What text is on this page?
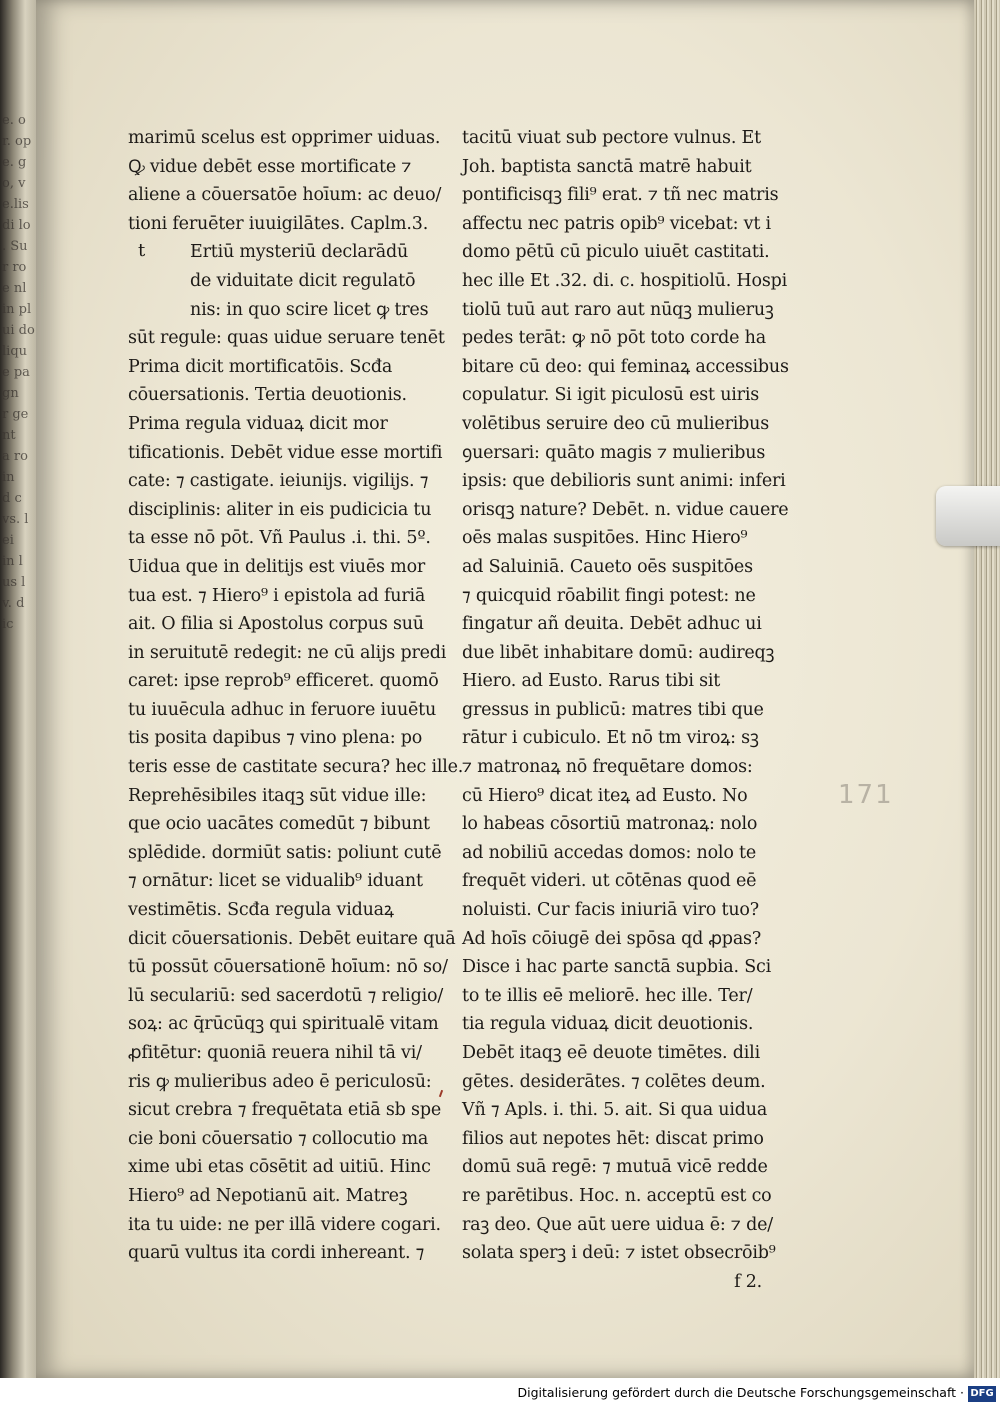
e. o
r. op
e. g
o, v
e.lis
di lo
. Su
r ro
e nl
in pl
ui do
liqu
e pa
gn
r ge
nt
a ro
in
d c
vs. l
ei
in l
us l
v. d
ic
marimū scelus est opprimer uiduas.
Ꝙ vidue debēt esse mortificate ⁊
aliene a cōuersatōe hoīum: ac deuo/
tioni feruēter iuuigilātes. Caplm.3.
Ertiū mysteriū declarādū
de viduitate dicit regulatō
nis: in quo scire licet ꝙ tres
sūt regule: quas uidue seruare tenēt
Prima dicit mortificatōis. Scđa
cōuersationis. Tertia deuotionis.
Prima regula viduaꝝ dicit mor
tificationis. Debēt vidue esse mortifi
cate: ⁊ castigate. ieiunijs. vigilijs. ⁊
disciplinis: aliter in eis pudicicia tu
ta esse nō pōt. Vñ Paulus .i. thi. 5º.
Uidua que in delitijs est viuēs mor
tua est. ⁊ Hiero⁹ i epistola ad furiā
ait. O filia si Apostolus corpus suū
in seruitutē redegit: ne cū alijs predi
caret: ipse reprob⁹ efficeret. quomō
tu iuuēcula adhuc in feruore iuuētu
tis posita dapibus ⁊ vino plena: po
teris esse de castitate secura? hec ille.
Reprehēsibiles itaqꝫ sūt vidue ille:
que ocio uacātes comedūt ⁊ bibunt
splēdide. dormiūt satis: poliunt cutē
⁊ ornātur: licet se vidualib⁹ iduant
vestimētis. Scđa regula viduaꝝ
dicit cōuersationis. Debēt euitare quā
tū possūt cōuersationē hoīum: nō so/
lū seculariū: sed sacerdotū ⁊ religio/
soꝝ: ac q̄rūcūqꝫ qui spiritualē vitam
ꝓfitētur: quoniā reuera nihil tā vi/
ris ꝙ mulieribus adeo ē periculosū:
sicut crebra ⁊ frequētata etiā sb spe
cie boni cōuersatio ⁊ collocutio ma
xime ubi etas cōsētit ad uitiū. Hinc
Hiero⁹ ad Nepotianū ait. Matreꝫ
ita tu uide: ne per illā videre cogari.
quarū vultus ita cordi inhereant. ⁊
t
tacitū viuat sub pectore vulnus. Et
Joh. baptista sanctā matrē habuit
pontificisqꝫ fili⁹ erat. ⁊ tñ nec matris
affectu nec patris opib⁹ vicebat: vt i
domo pētū cū piculo uiuēt castitati.
hec ille Et .32. di. c. hospitiolū. Hospi
tiolū tuū aut raro aut nūqꝫ mulieruꝫ
pedes terāt: ꝙ nō pōt toto corde ha
bitare cū deo: qui feminaꝝ accessibus
copulatur. Si igit piculosū est uiris
volētibus seruire deo cū mulieribus
ꝯuersari: quāto magis ⁊ mulieribus
ipsis: que debilioris sunt animi: inferi
orisqꝫ nature? Debēt. n. vidue cauere
oēs malas suspitōes. Hinc Hiero⁹
ad Saluiniā. Caueto oēs suspitōes
⁊ quicquid rōabilit fingi potest: ne
fingatur añ deuita. Debēt adhuc ui
due libēt inhabitare domū: audireqꝫ
Hiero. ad Eusto. Rarus tibi sit
gressus in publicū: matres tibi que
rātur i cubiculo. Et nō tm viroꝝ: sꝫ
⁊ matronaꝝ nō frequētare domos:
cū Hiero⁹ dicat iteꝝ ad Eusto. No
lo habeas cōsortiū matronaꝝ: nolo
ad nobiliū accedas domos: nolo te
frequēt videri. ut cōtēnas quod eē
noluisti. Cur facis iniuriā viro tuo?
Ad hoīs cōiugē dei spōsa qd ꝓpas?
Disce i hac parte sanctā supbia. Sci
to te illis eē meliorē. hec ille. Ter/
tia regula viduaꝝ dicit deuotionis.
Debēt itaqꝫ eē deuote timētes. dili
gētes. desiderātes. ⁊ colētes deum.
Vñ ⁊ Apls. i. thi. 5. ait. Si qua uidua
filios aut nepotes hēt: discat primo
domū suā regē: ⁊ mutuā vicē redde
re parētibus. Hoc. n. acceptū est co
raꝫ deo. Que aūt uere uidua ē: ⁊ de/
solata sperꝫ i deū: ⁊ istet obsecrōib⁹
f 2.
171
Digitalisierung gefördert durch die Deutsche Forschungsgemeinschaft · DFG
